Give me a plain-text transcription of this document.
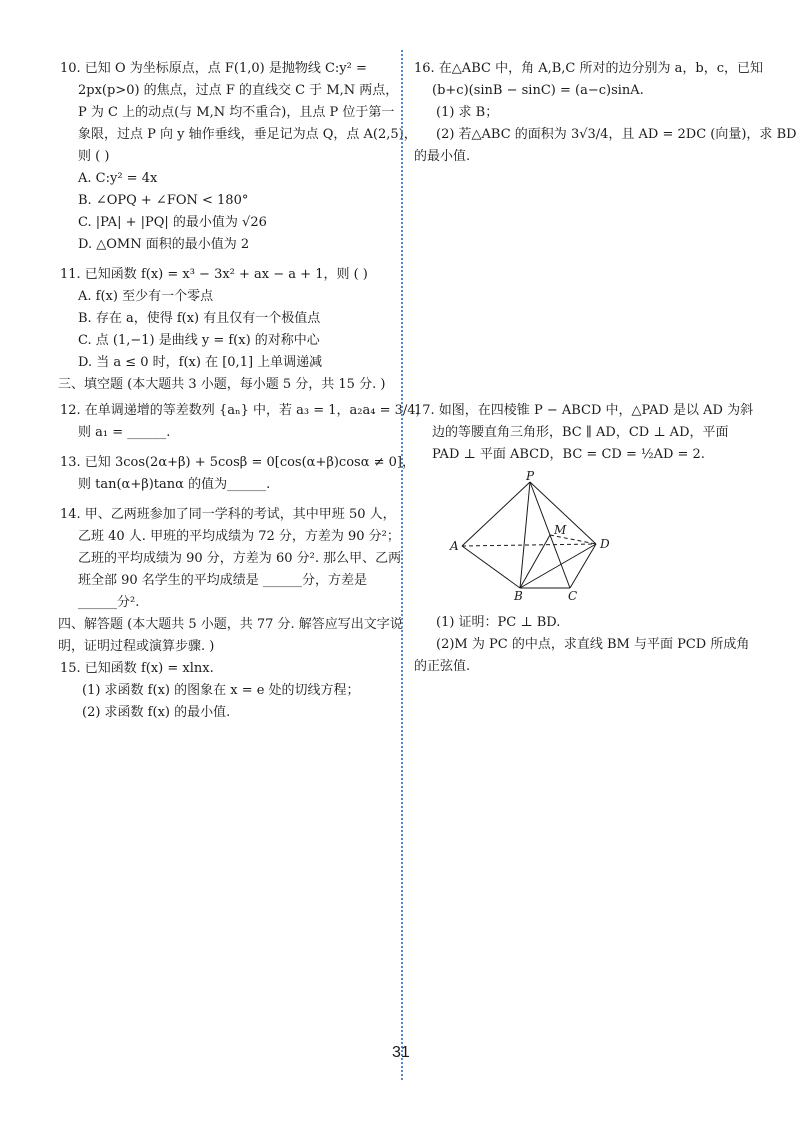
10. 已知 O 为坐标原点，点 F(1,0) 是抛物线 C:y² =
2px(p>0) 的焦点，过点 F 的直线交 C 于 M,N 两点，
P 为 C 上的动点(与 M,N 均不重合)，且点 P 位于第一
象限，过点 P 向 y 轴作垂线，垂足记为点 Q，点 A(2,5)，
则 ( )
A. C:y² = 4x
B. ∠OPQ + ∠FON < 180°
C. |PA| + |PQ| 的最小值为 √26
D. △OMN 面积的最小值为 2
11. 已知函数 f(x) = x³ − 3x² + ax − a + 1，则 ( )
A. f(x) 至少有一个零点
B. 存在 a，使得 f(x) 有且仅有一个极值点
C. 点 (1,−1) 是曲线 y = f(x) 的对称中心
D. 当 a ≤ 0 时，f(x) 在 [0,1] 上单调递减
三、填空题 (本大题共 3 小题，每小题 5 分，共 15 分. )
12. 在单调递增的等差数列 {aₙ} 中，若 a₃ = 1，a₂a₄ = 3/4，
则 a₁ = ______.
13. 已知 3cos(2α+β) + 5cosβ = 0[cos(α+β)cosα ≠ 0]，
则 tan(α+β)tanα 的值为______.
14. 甲、乙两班参加了同一学科的考试，其中甲班 50 人，
乙班 40 人. 甲班的平均成绩为 72 分，方差为 90 分²；
乙班的平均成绩为 90 分，方差为 60 分². 那么甲、乙两
班全部 90 名学生的平均成绩是 ______分，方差是
______分².
四、解答题 (本大题共 5 小题，共 77 分. 解答应写出文字说
明，证明过程或演算步骤. )
15. 已知函数 f(x) = xlnx.
(1) 求函数 f(x) 的图象在 x = e 处的切线方程；
(2) 求函数 f(x) 的最小值.
16. 在△ABC 中，角 A,B,C 所对的边分别为 a，b，c，已知
(b+c)(sinB − sinC) = (a−c)sinA.
(1) 求 B；
(2) 若△ABC 的面积为 3√3/4，且 AD = 2DC (向量)，求 BD
的最小值.
17. 如图，在四棱锥 P − ABCD 中，△PAD 是以 AD 为斜
边的等腰直角三角形，BC ∥ AD，CD ⊥ AD，平面
PAD ⊥ 平面 ABCD，BC = CD = ½AD = 2.
P
A
B	C
D
M
(1) 证明：PC ⊥ BD.
(2)M 为 PC 的中点，求直线 BM 与平面 PCD 所成角
的正弦值.
31
